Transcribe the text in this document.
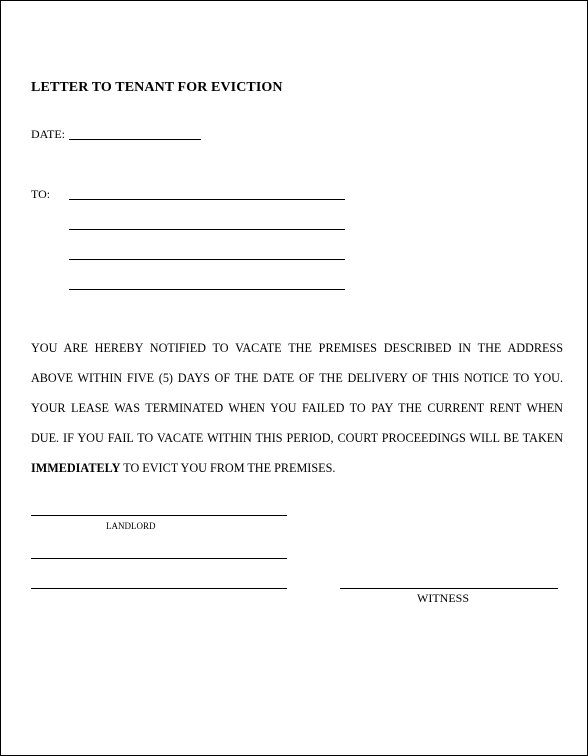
LETTER TO TENANT FOR EVICTION
DATE:
TO:
YOU ARE HEREBY NOTIFIED TO VACATE THE PREMISES DESCRIBED IN THE ADDRESS ABOVE WITHIN FIVE (5) DAYS OF THE DATE OF THE DELIVERY OF THIS NOTICE TO YOU. YOUR LEASE WAS TERMINATED WHEN YOU FAILED TO PAY THE CURRENT RENT WHEN DUE. IF YOU FAIL TO VACATE WITHIN THIS PERIOD, COURT PROCEEDINGS WILL BE TAKEN IMMEDIATELY TO EVICT YOU FROM THE PREMISES.
LANDLORD
WITNESS
